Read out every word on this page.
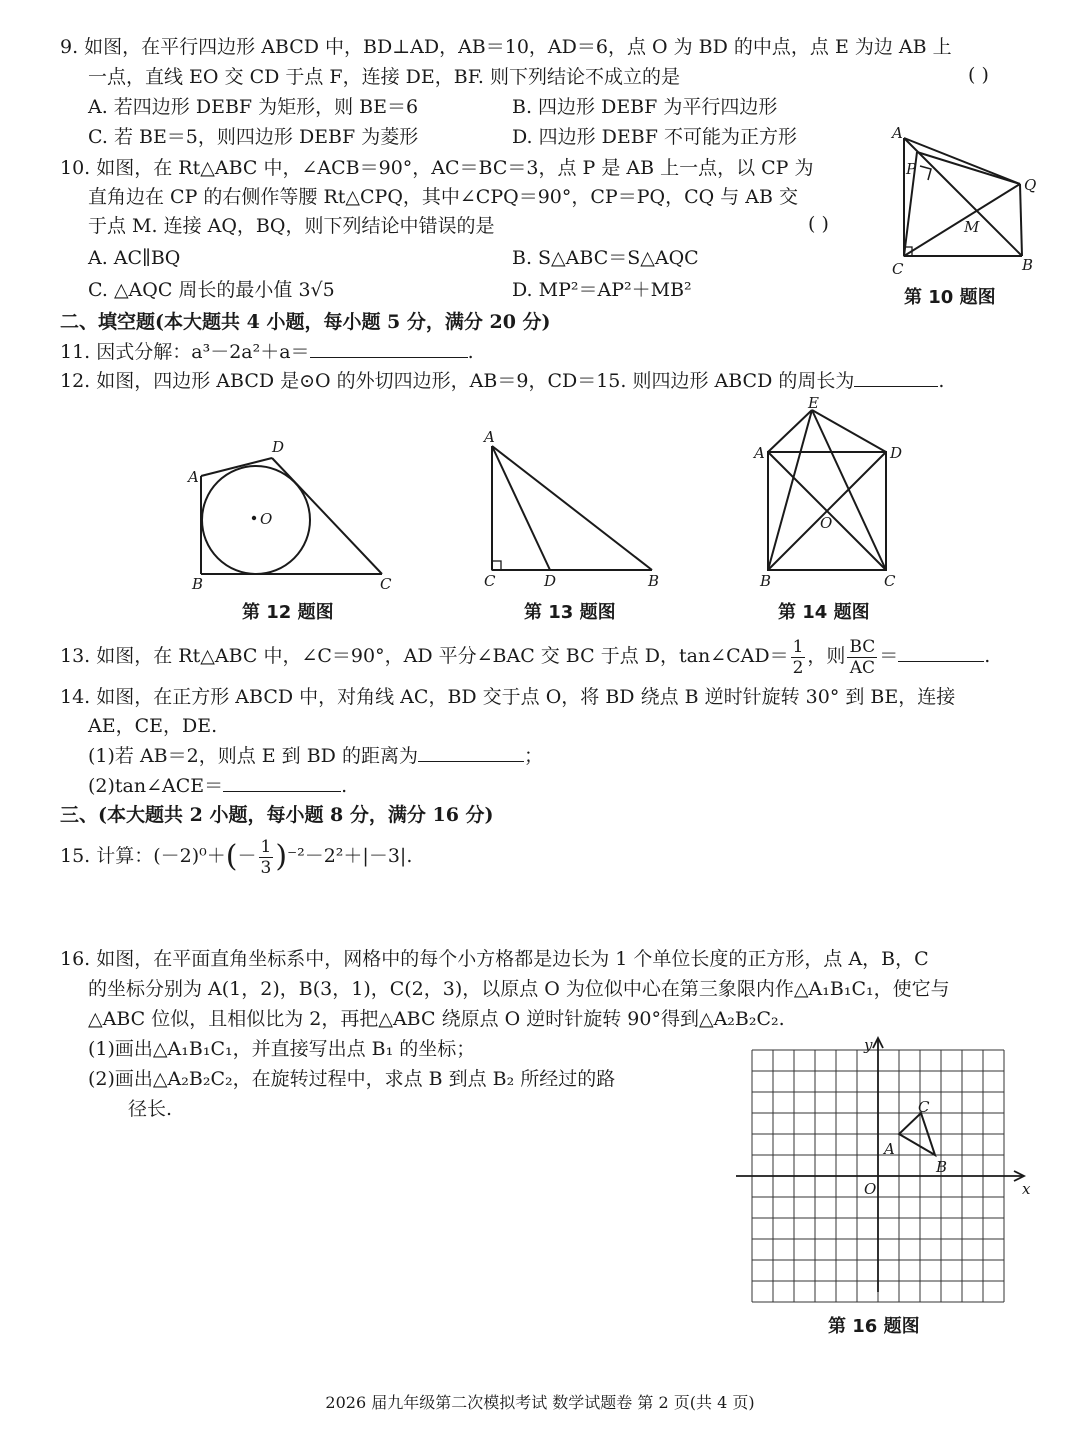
9. 如图，在平行四边形 ABCD 中，BD⊥AD，AB＝10，AD＝6，点 O 为 BD 的中点，点 E 为边 AB 上
一点，直线 EO 交 CD 于点 F，连接 DE，BF. 则下列结论不成立的是	( )
A. 若四边形 DEBF 为矩形，则 BE＝6	B. 四边形 DEBF 为平行四边形
C. 若 BE＝5，则四边形 DEBF 为菱形	D. 四边形 DEBF 不可能为正方形
10. 如图，在 Rt△ABC 中，∠ACB＝90°，AC＝BC＝3，点 P 是 AB 上一点，以 CP 为
直角边在 CP 的右侧作等腰 Rt△CPQ，其中∠CPQ＝90°，CP＝PQ，CQ 与 AB 交
于点 M. 连接 AQ，BQ，则下列结论中错误的是	( )
A. AC∥BQ	B. S△ABC＝S△AQC
C. △AQC 周长的最小值 3√5	D. MP²＝AP²＋MB²
A
P
Q
M
C	B
第 10 题图
二、填空题(本大题共 4 小题，每小题 5 分，满分 20 分)
11. 因式分解：a³－2a²＋a＝	.
12. 如图，四边形 ABCD 是⊙O 的外切四边形，AB＝9，CD＝15. 则四边形 ABCD 的周长为	.
A
D
O
B	C
第 12 题图
A
C	D	B
第 13 题图
E
A	D
O
B	C
第 14 题图
13. 如图，在 Rt△ABC 中，∠C＝90°，AD 平分∠BAC 交 BC 于点 D，tan∠CAD＝ $\frac{1}{2}$ ，则 $\frac{BC}{AC}$ ＝	.
14. 如图，在正方形 ABCD 中，对角线 AC，BD 交于点 O，将 BD 绕点 B 逆时针旋转 30° 到 BE，连接
AE，CE，DE.
(1)若 AB＝2，则点 E 到 BD 的距离为	；
(2)tan∠ACE＝	.
三、(本大题共 2 小题，每小题 8 分，满分 16 分)
15. 计算：$(-2)^0+(- \frac{1}{3} )^{-2}-2^2+|-3|$.
16. 如图，在平面直角坐标系中，网格中的每个小方格都是边长为 1 个单位长度的正方形，点 A，B，C
的坐标分别为 A(1，2)，B(3，1)，C(2，3)，以原点 O 为位似中心在第三象限内作△A₁B₁C₁，使它与
△ABC 位似，且相似比为 2，再把△ABC 绕原点 O 逆时针旋转 90°得到△A₂B₂C₂.
(1)画出△A₁B₁C₁，并直接写出点 B₁ 的坐标；
(2)画出△A₂B₂C₂，在旋转过程中，求点 B 到点 B₂ 所经过的路
径长.
x
y
O
A
B
C
第 16 题图
2026 届九年级第二次模拟考试 数学试题卷 第 2 页(共 4 页)
